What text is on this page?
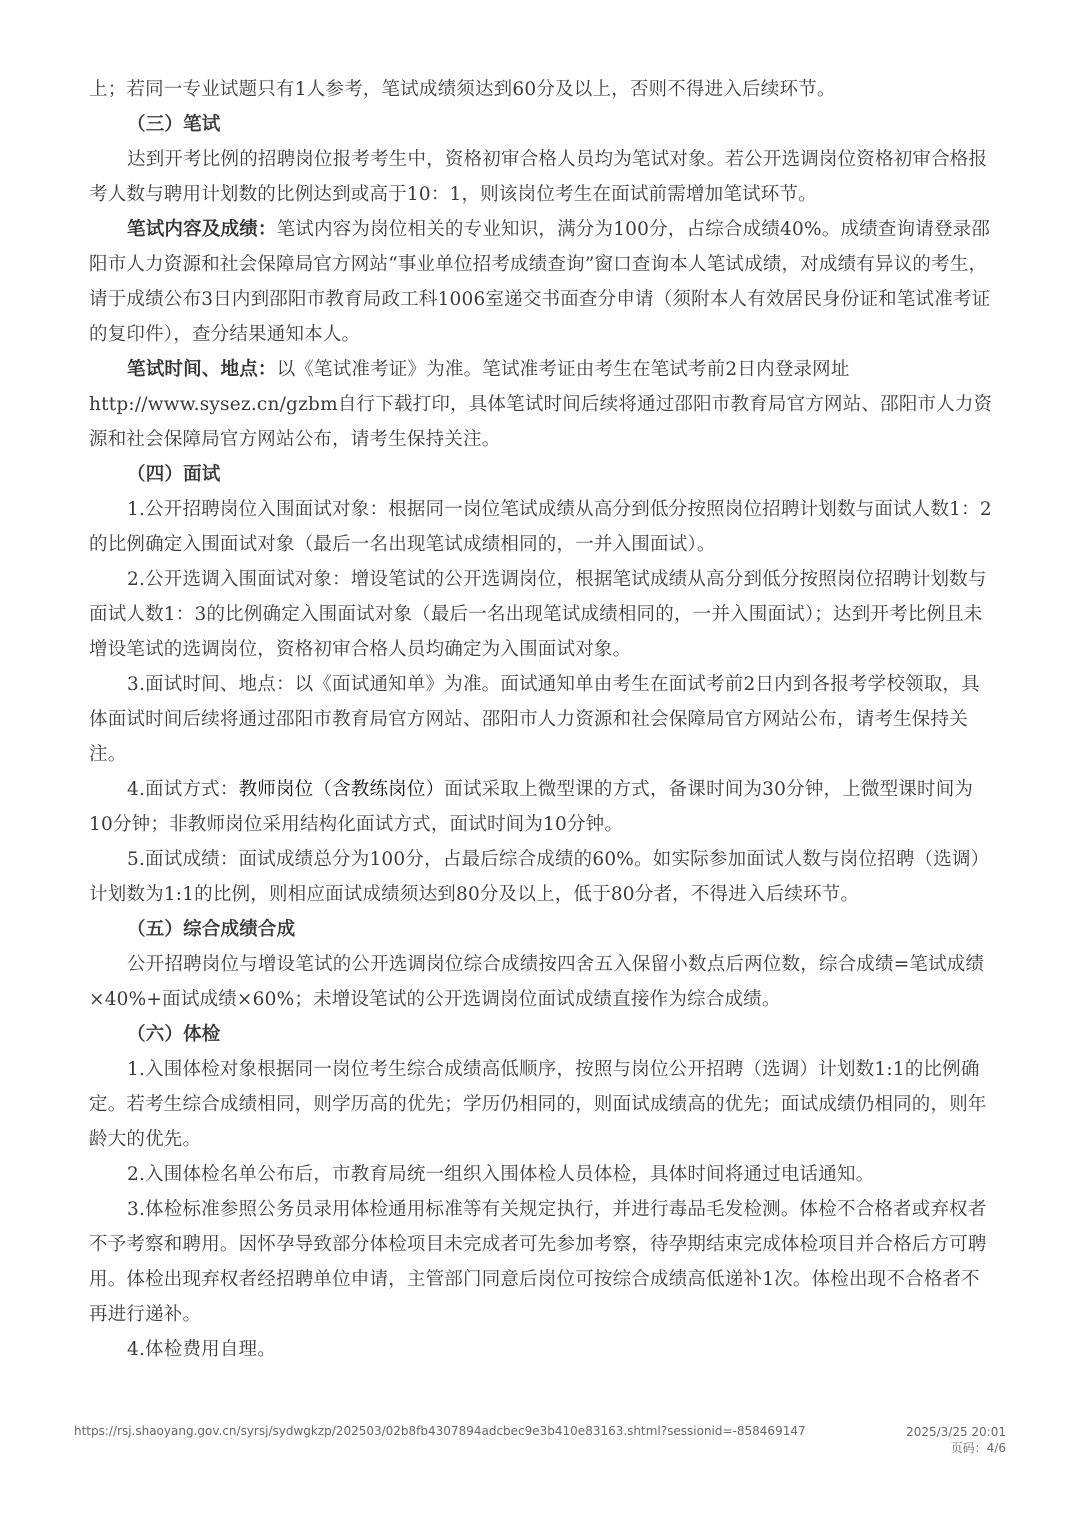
上；若同一专业试题只有1人参考，笔试成绩须达到60分及以上，否则不得进入后续环节。

（三）笔试

达到开考比例的招聘岗位报考考生中，资格初审合格人员均为笔试对象。若公开选调岗位资格初审合格报考人数与聘用计划数的比例达到或高于10：1，则该岗位考生在面试前需增加笔试环节。

笔试内容及成绩：笔试内容为岗位相关的专业知识，满分为100分，占综合成绩40%。成绩查询请登录邵阳市人力资源和社会保障局官方网站“事业单位招考成绩查询”窗口查询本人笔试成绩，对成绩有异议的考生，请于成绩公布3日内到邵阳市教育局政工科1006室递交书面查分申请（须附本人有效居民身份证和笔试准考证的复印件），查分结果通知本人。

笔试时间、地点：以《笔试准考证》为准。笔试准考证由考生在笔试考前2日内登录网址http://www.sysez.cn/gzbm自行下载打印，具体笔试时间后续将通过邵阳市教育局官方网站、邵阳市人力资源和社会保障局官方网站公布，请考生保持关注。

（四）面试

1.公开招聘岗位入围面试对象：根据同一岗位笔试成绩从高分到低分按照岗位招聘计划数与面试人数1：2的比例确定入围面试对象（最后一名出现笔试成绩相同的，一并入围面试）。

2.公开选调入围面试对象：增设笔试的公开选调岗位，根据笔试成绩从高分到低分按照岗位招聘计划数与面试人数1：3的比例确定入围面试对象（最后一名出现笔试成绩相同的，一并入围面试）；达到开考比例且未增设笔试的选调岗位，资格初审合格人员均确定为入围面试对象。

3.面试时间、地点：以《面试通知单》为准。面试通知单由考生在面试考前2日内到各报考学校领取，具体面试时间后续将通过邵阳市教育局官方网站、邵阳市人力资源和社会保障局官方网站公布，请考生保持关注。

4.面试方式：教师岗位（含教练岗位）面试采取上微型课的方式，备课时间为30分钟，上微型课时间为10分钟；非教师岗位采用结构化面试方式，面试时间为10分钟。

5.面试成绩：面试成绩总分为100分，占最后综合成绩的60%。如实际参加面试人数与岗位招聘（选调）计划数为1:1的比例，则相应面试成绩须达到80分及以上，低于80分者，不得进入后续环节。

（五）综合成绩合成

公开招聘岗位与增设笔试的公开选调岗位综合成绩按四舍五入保留小数点后两位数，综合成绩=笔试成绩×40%+面试成绩×60%；未增设笔试的公开选调岗位面试成绩直接作为综合成绩。

（六）体检

1.入围体检对象根据同一岗位考生综合成绩高低顺序，按照与岗位公开招聘（选调）计划数1:1的比例确定。若考生综合成绩相同，则学历高的优先；学历仍相同的，则面试成绩高的优先；面试成绩仍相同的，则年龄大的优先。

2.入围体检名单公布后，市教育局统一组织入围体检人员体检，具体时间将通过电话通知。

3.体检标准参照公务员录用体检通用标准等有关规定执行，并进行毒品毛发检测。体检不合格者或弃权者不予考察和聘用。因怀孕导致部分体检项目未完成者可先参加考察，待孕期结束完成体检项目并合格后方可聘用。体检出现弃权者经招聘单位申请，主管部门同意后岗位可按综合成绩高低递补1次。体检出现不合格者不再进行递补。

4.体检费用自理。

https://rsj.shaoyang.gov.cn/syrsj/sydwgkzp/202503/02b8fb4307894adcbec9e3b410e83163.shtml?sessionid=-858469147	2025/3/25 20:01
页码：4/6
